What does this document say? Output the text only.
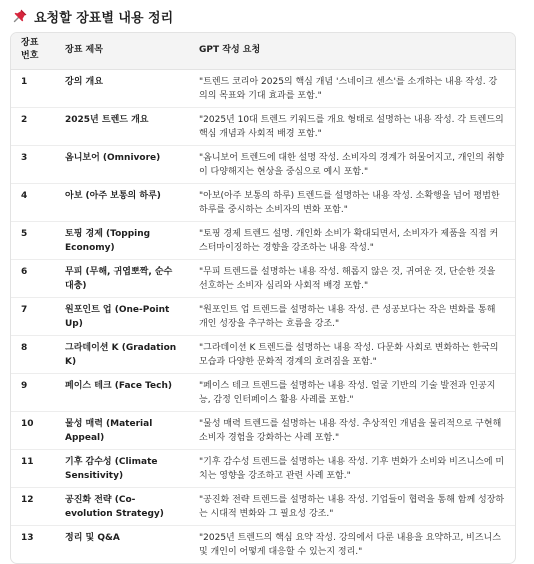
요청할 장표별 내용 정리
장표
번호	장표 제목	GPT 작성 요청
1	강의 개요	"트렌드 코리아 2025의 핵심 개념 '스네이크 센스'를 소개하는 내용 작성. 강의의 목표와 기대 효과를 포함."
2	2025년 트렌드 개요	"2025년 10대 트렌드 키워드를 개요 형태로 설명하는 내용 작성. 각 트렌드의 핵심 개념과 사회적 배경 포함."
3	옴니보어 (Omnivore)	"옴니보어 트렌드에 대한 설명 작성. 소비자의 경계가 허물어지고, 개인의 취향이 다양해지는 현상을 중심으로 예시 포함."
4	아보 (아주 보통의 하루)	"아보(아주 보통의 하루) 트렌드를 설명하는 내용 작성. 소확행을 넘어 평범한 하루를 중시하는 소비자의 변화 포함."
5	토핑 경제 (Topping Economy)	"토핑 경제 트렌드 설명. 개인화 소비가 확대되면서, 소비자가 제품을 직접 커스터마이징하는 경향을 강조하는 내용 작성."
6	무피 (무해, 귀엽뽀짝, 순수대충)	"무피 트렌드를 설명하는 내용 작성. 해롭지 않은 것, 귀여운 것, 단순한 것을 선호하는 소비자 심리와 사회적 배경 포함."
7	원포인트 업 (One-Point Up)	"원포인트 업 트렌드를 설명하는 내용 작성. 큰 성공보다는 작은 변화를 통해 개인 성장을 추구하는 흐름을 강조."
8	그라데이션 K (Gradation K)	"그라데이션 K 트렌드를 설명하는 내용 작성. 다문화 사회로 변화하는 한국의 모습과 다양한 문화적 경계의 흐려짐을 포함."
9	페이스 테크 (Face Tech)	"페이스 테크 트렌드를 설명하는 내용 작성. 얼굴 기반의 기술 발전과 인공지능, 감정 인터페이스 활용 사례를 포함."
10	물성 매력 (Material Appeal)	"물성 매력 트렌드를 설명하는 내용 작성. 추상적인 개념을 물리적으로 구현해 소비자 경험을 강화하는 사례 포함."
11	기후 감수성 (Climate Sensitivity)	"기후 감수성 트렌드를 설명하는 내용 작성. 기후 변화가 소비와 비즈니스에 미치는 영향을 강조하고 관련 사례 포함."
12	공진화 전략 (Co-evolution Strategy)	"공진화 전략 트렌드를 설명하는 내용 작성. 기업들이 협력을 통해 함께 성장하는 시대적 변화와 그 필요성 강조."
13	정리 및 Q&A	"2025년 트렌드의 핵심 요약 작성. 강의에서 다룬 내용을 요약하고, 비즈니스 및 개인이 어떻게 대응할 수 있는지 정리."
